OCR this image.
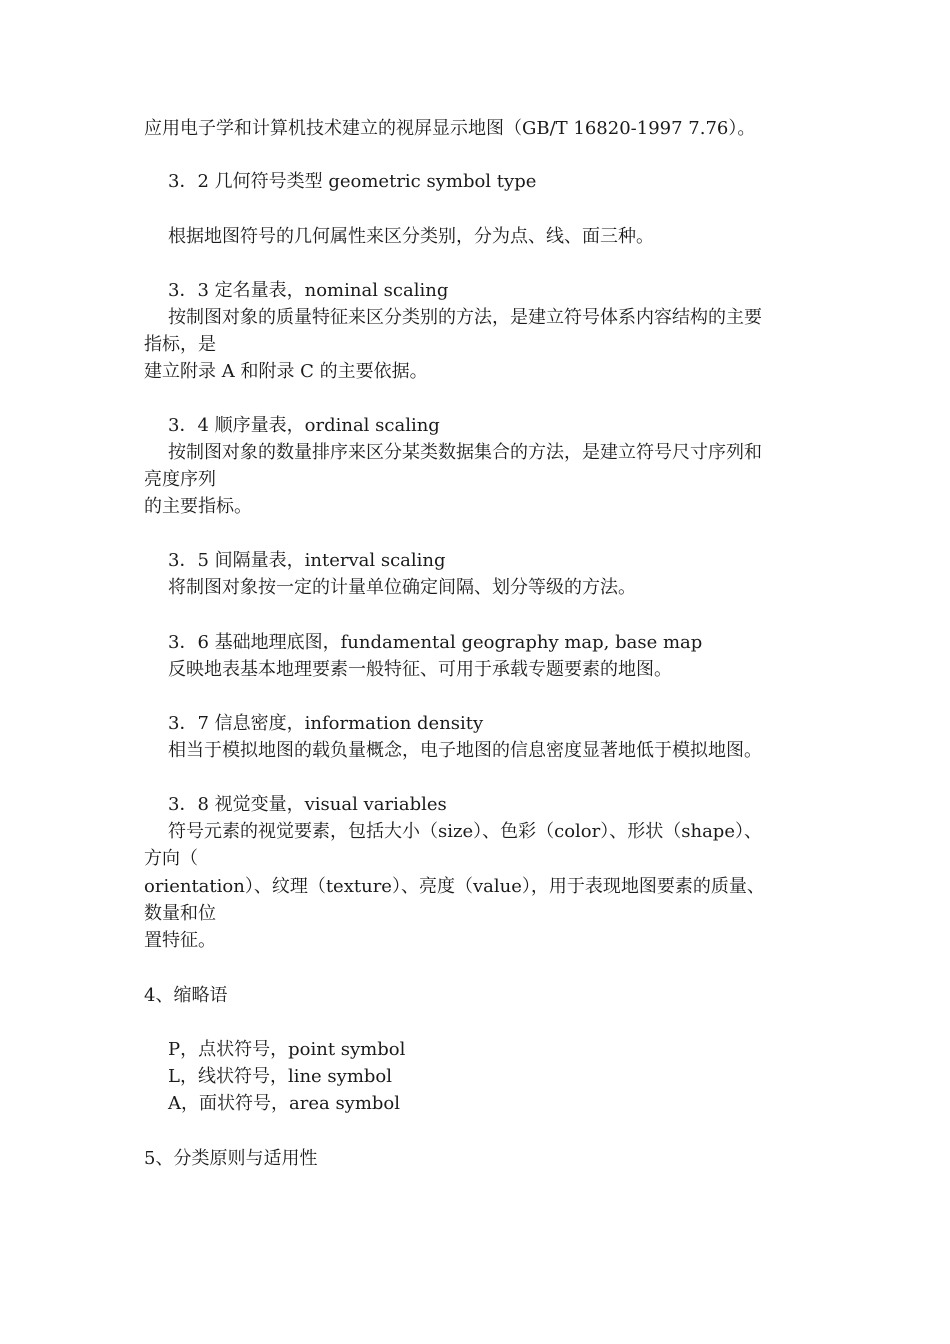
应用电子学和计算机技术建立的视屏显示地图（GB/T 16820-1997 7.76）。
3．2 几何符号类型 geometric symbol type
根据地图符号的几何属性来区分类别，分为点、线、面三种。
3．3 定名量表，nominal scaling
按制图对象的质量特征来区分类别的方法，是建立符号体系内容结构的主要
指标，是
建立附录 A 和附录 C 的主要依据。
3．4 顺序量表，ordinal scaling
按制图对象的数量排序来区分某类数据集合的方法，是建立符号尺寸序列和
亮度序列
的主要指标。
3．5 间隔量表，interval scaling
将制图对象按一定的计量单位确定间隔、划分等级的方法。
3．6 基础地理底图，fundamental geography map, base map
反映地表基本地理要素一般特征、可用于承载专题要素的地图。
3．7 信息密度，information density
相当于模拟地图的载负量概念，电子地图的信息密度显著地低于模拟地图。
3．8 视觉变量，visual variables
符号元素的视觉要素，包括大小（size）、色彩（color）、形状（shape）、
方向（
orientation）、纹理（texture）、亮度（value），用于表现地图要素的质量、
数量和位
置特征。
4、缩略语
P，点状符号，point symbol
L，线状符号，line symbol
A，面状符号，area symbol
5、分类原则与适用性
